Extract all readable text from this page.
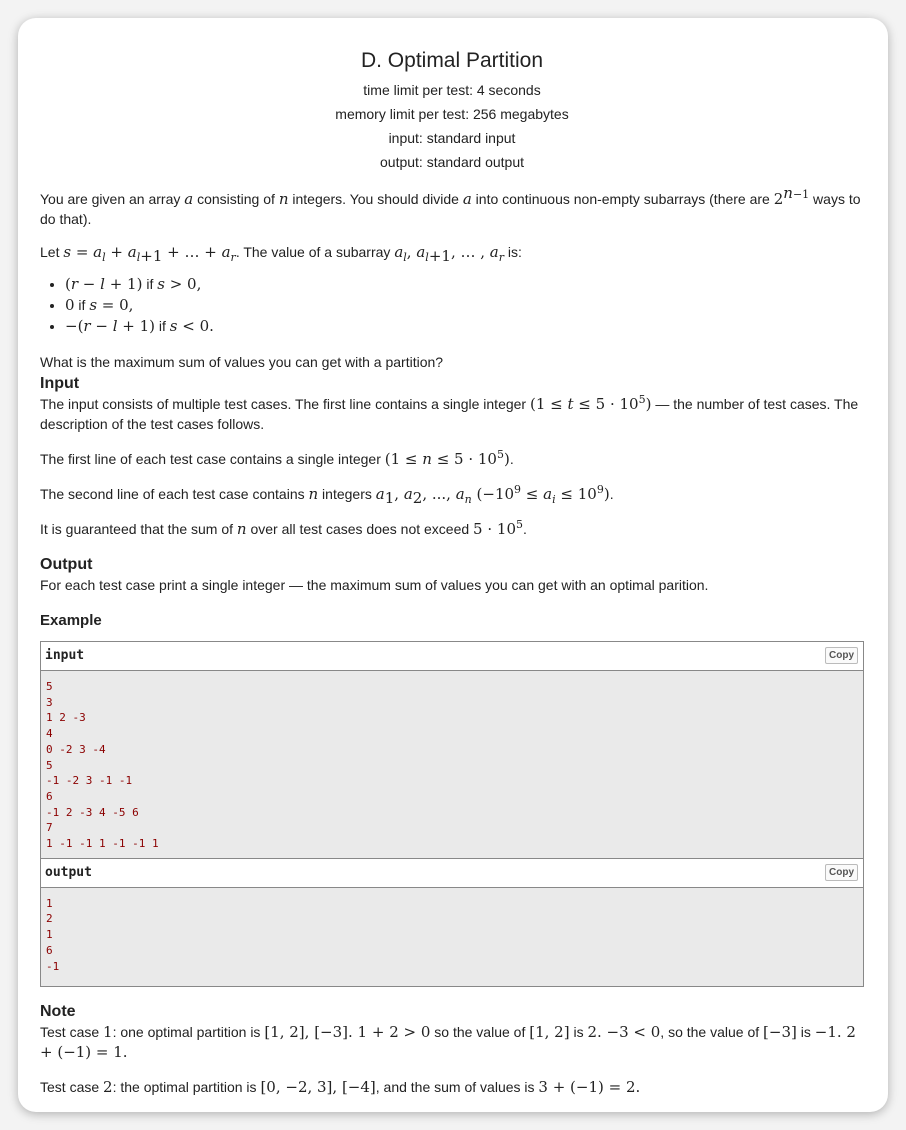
D. Optimal Partition
time limit per test: 4 seconds
memory limit per test: 256 megabytes
input: standard input
output: standard output

You are given an array a consisting of n integers. You should divide a into continuous non-empty subarrays (there are $2^{n-1}$ ways to do that).

Let $s = a_l + a_{l+1}$ + … + $a_r$. The value of a subarray $a_l$, $a_{l+1}$, … , $a_r$ is:

• (r − l + 1) if s > 0,
• 0 if s = 0,
• −(r − l + 1) if s < 0.

What is the maximum sum of values you can get with a partition?

Input

The input consists of multiple test cases. The first line contains a single integer $(1 \le t \le 5 \cdot 10^5)$ — the number of test cases. The description of the test cases follows.

The first line of each test case contains a single integer $(1 \le n \le 5 \cdot 10^5)$.

The second line of each test case contains n integers $a_1$, $a_2$, ..., $a_n$ $(-10^9 \le a_i \le 10^9)$.

It is guaranteed that the sum of n over all test cases does not exceed $5 \cdot 10^5$.

Output

For each test case print a single integer — the maximum sum of values you can get with an optimal parition.

Example
input	Copy
5
3
1 2 -3
4
0 -2 3 -4
5
-1 -2 3 -1 -1
6
-1 2 -3 4 -5 6
7
1 -1 -1 1 -1 -1 1
output	Copy
1
2
1
6
-1
Note

Test case 1: one optimal partition is [1, 2], [−3]. 1 + 2 > 0 so the value of [1, 2] is 2. −3 < 0, so the value of [−3] is −1. 2 + (−1) = 1.

Test case 2: the optimal partition is [0, −2, 3], [−4], and the sum of values is 3 + (−1) = 2.
